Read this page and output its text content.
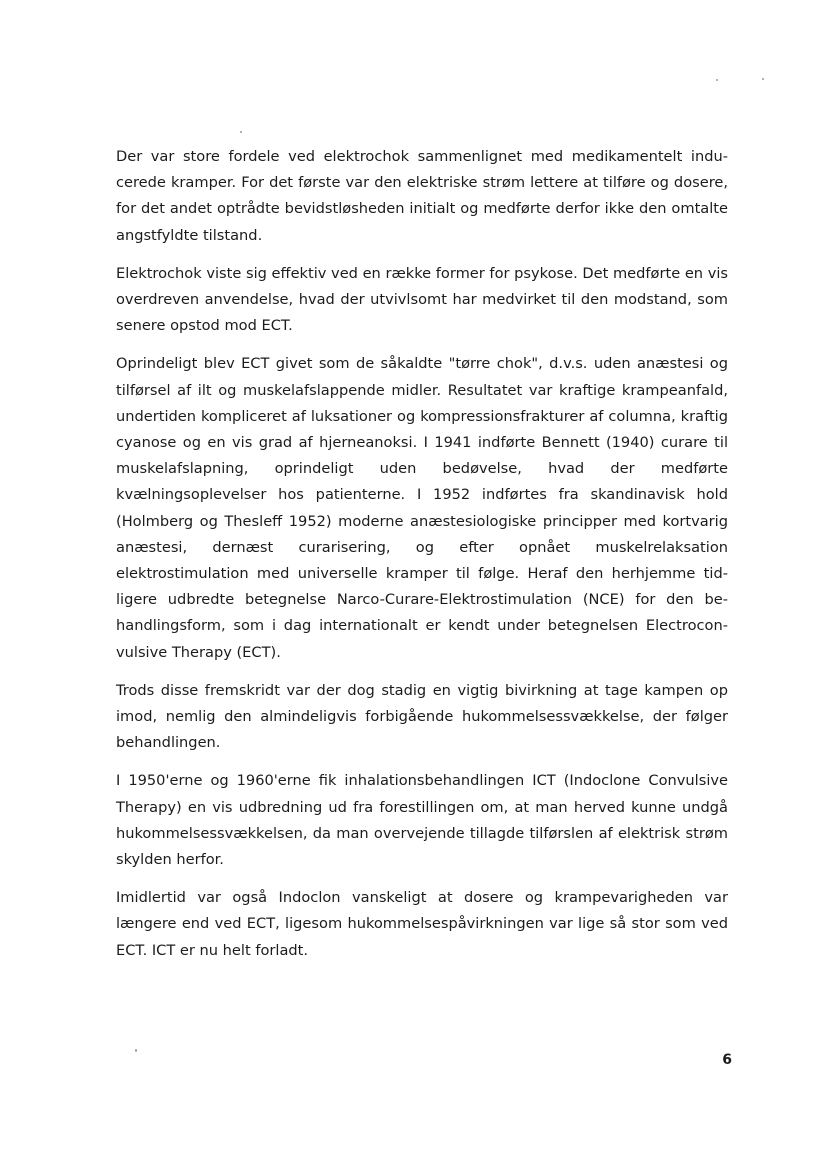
Der var store fordele ved elektrochok sammenlignet med medikamentelt inducerede kramper. For det første var den elektriske strøm lettere at tilføre og dosere, for det andet optrådte bevidstløsheden initialt og medførte derfor ikke den omtalte angstfyldte tilstand.

Elektrochok viste sig effektiv ved en række former for psykose. Det medførte en vis overdreven anvendelse, hvad der utvivlsomt har medvirket til den modstand, som senere opstod mod ECT.

Oprindeligt blev ECT givet som de såkaldte "tørre chok", d.v.s. uden anæstesi og tilførsel af ilt og muskelafslappende midler. Resultatet var kraftige krampeanfald, undertiden kompliceret af luksationer og kompressionsfrakturer af columna, kraftig cyanose og en vis grad af hjerneanoksi. I 1941 indførte Bennett (1940) curare til muskelafslapning, oprindeligt uden bedøvelse, hvad der medførte kvælningsoplevelser hos patienterne. I 1952 indførtes fra skandinavisk hold (Holmberg og Thesleff 1952) moderne anæstesiologiske principper med kortvarig anæstesi, dernæst curarisering, og efter opnået muskelrelaksation elektrostimulation med universelle kramper til følge. Heraf den herhjemme tidligere udbredte betegnelse Narco-Curare-Elektrostimulation (NCE) for den behandlingsform, som i dag internationalt er kendt under betegnelsen Electroconvulsive Therapy (ECT).

Trods disse fremskridt var der dog stadig en vigtig bivirkning at tage kampen op imod, nemlig den almindeligvis forbigående hukommelsessvækkelse, der følger behandlingen.

I 1950'erne og 1960'erne fik inhalationsbehandlingen ICT (Indoclone Convulsive Therapy) en vis udbredning ud fra forestillingen om, at man herved kunne undgå hukommelsessvækkelsen, da man overvejende tillagde tilførslen af elektrisk strøm skylden herfor.

Imidlertid var også Indoclon vanskeligt at dosere og krampevarigheden var længere end ved ECT, ligesom hukommelsespåvirkningen var lige så stor som ved ECT. ICT er nu helt forladt.

6
